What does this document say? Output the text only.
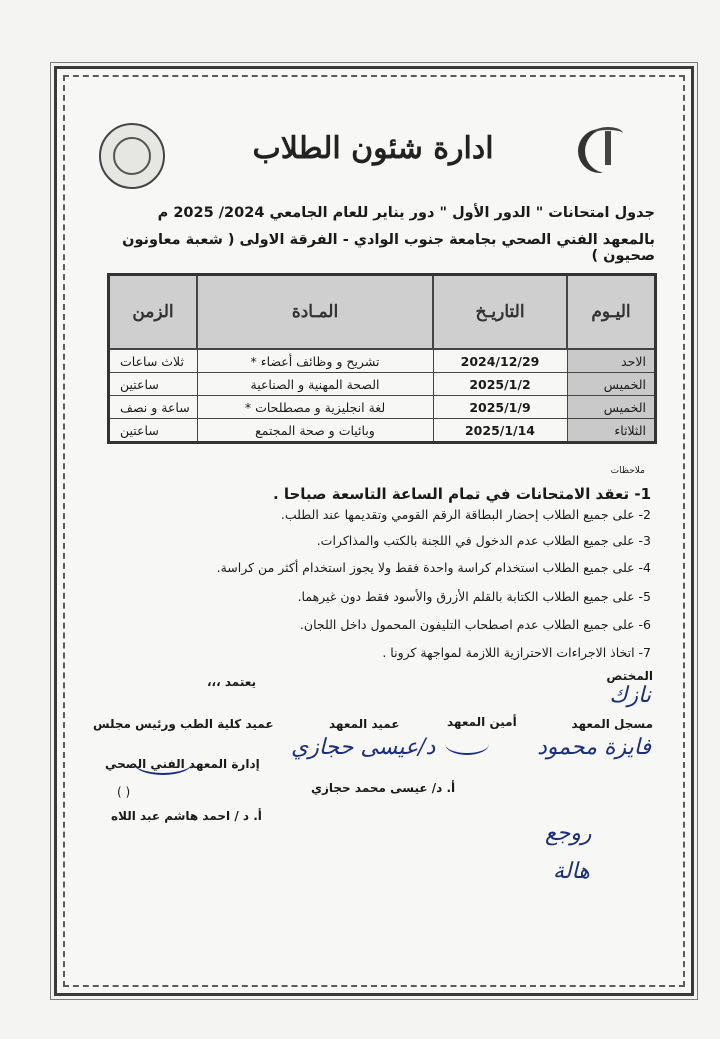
ادارة شئون الطلاب
جدول امتحانات " الدور الأول " دور يناير للعام الجامعي 2024/ 2025 م
بالمعهد الفني الصحي بجامعة جنوب الوادي - الفرقة الاولى ( شعبة معاونون صحيون )
اليـوم	التاريـخ	المـادة	الزمن
الاحد	2024/12/29	تشريح و وظائف أعضاء *	ثلاث ساعات
الخميس	2025/1/2	الصحة المهنية و الصناعية	ساعتين
الخميس	2025/1/9	لغة انجليزية و مصطلحات *	ساعة و نصف
الثلاثاء	2025/1/14	وبائيات و صحة المجتمع	ساعتين
ملاحظات

1- تعقد الامتحانات في تمام الساعة التاسعة صباحا .

2- على جميع الطلاب إحضار البطاقة الرقم القومي وتقديمها عند الطلب.

3- على جميع الطلاب عدم الدخول في اللجنة بالكتب والمذاكرات.

4- على جميع الطلاب استخدام كراسة واحدة فقط ولا يجوز استخدام أكثر من كراسة.

5- على جميع الطلاب الكتابة بالقلم الأزرق والأسود فقط دون غيرهما.

6- على جميع الطلاب عدم اصطحاب التليفون المحمول داخل اللجان.

7- اتخاذ الاجراءات الاحترازية اللازمة لمواجهة كرونا .

يعتمد ،،،	المختص
نازك
مسجل المعهد
فايزة محمود
أمين المعهد
عميد المعهد
د/عيسى حجازي
أ. د/ عيسى محمد حجازي
عميد كلية الطب ورئيس مجلس
إدارة المعهد الفني الصحي
( )
أ. د / احمد هاشم عبد اللاه
روجع
هالة
